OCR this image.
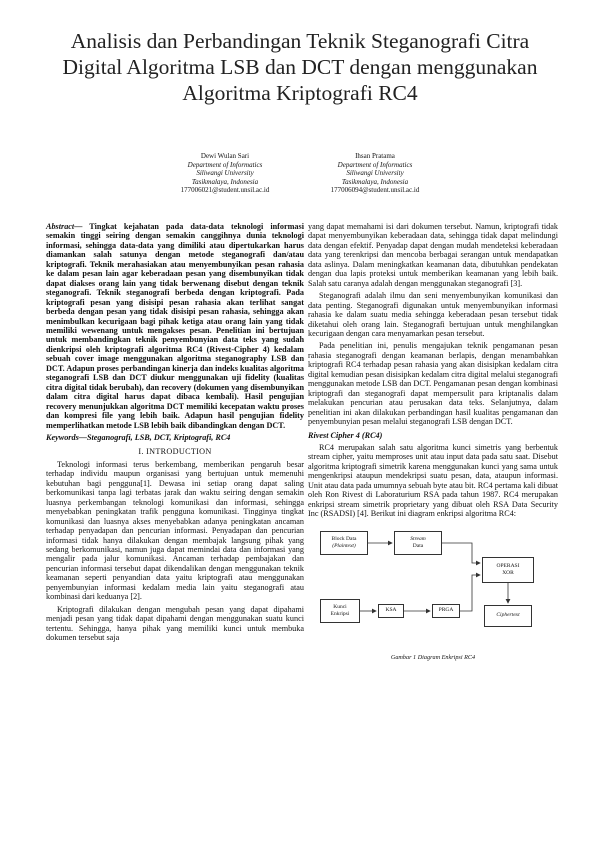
Analisis dan Perbandingan Teknik Steganografi Citra Digital Algoritma LSB dan DCT dengan menggunakan Algoritma Kriptografi RC4
Dewi Wulan Sari
Department of Informatics
Siliwangi University
Tasikmalaya, Indonesia
177006021@student.unsil.ac.id
Ihsan Pratama
Department of Informatics
Siliwangi University
Tasikmalaya, Indonesia
177006094@student.unsil.ac.id
Abstract— Tingkat kejahatan pada data-data teknologi informasi semakin tinggi seiring dengan semakin canggihnya dunia teknologi informasi, sehingga data-data yang dimiliki atau dipertukarkan harus diamankan salah satunya dengan metode steganografi dan/atau kriptografi. Teknik merahasiakan atau menyembunyikan pesan rahasia ke dalam pesan lain agar keberadaan pesan yang disembunyikan tidak dapat diakses orang lain yang tidak berwenang disebut dengan teknik steganografi. Teknik steganografi berbeda dengan kriptografi. Pada kriptografi pesan yang disisipi pesan rahasia akan terlihat sangat berbeda dengan pesan yang tidak disisipi pesan rahasia, sehingga akan menimbulkan kecurigaan bagi pihak ketiga atau orang lain yang tidak memiliki wewenang untuk mengakses pesan. Penelitian ini bertujuan untuk membandingkan teknik penyembunyian data teks yang sudah dienkripsi oleh kriptografi algoritma RC4 (Rivest-Cipher 4) kedalam sebuah cover image menggunakan algoritma steganography LSB dan DCT. Adapun proses perbandingan kinerja dan indeks kualitas algoritma steganografi LSB dan DCT diukur menggunakan uji fidelity (kualitas citra digital tidak berubah), dan recovery (dokumen yang disembunyikan dalam citra digital harus dapat dibaca kembali). Hasil pengujian recovery menunjukkan algoritma DCT memiliki kecepatan waktu proses dan kompresi file yang lebih baik. Adapun hasil pengujian fidelity memperlihatkan metode LSB lebih baik dibandingkan dengan DCT.
Keywords—Steganografi, LSB, DCT, Kriptografi, RC4
I. INTRODUCTION

Teknologi informasi terus berkembang, memberikan pengaruh besar terhadap individu maupun organisasi yang bertujuan untuk memenuhi kebutuhan bagi pengguna[1]. Dewasa ini setiap orang dapat saling berkomunikasi tanpa lagi terbatas jarak dan waktu seiring dengan semakin luasnya perkembangan teknologi komunikasi dan informasi, sehingga menyebabkan peningkatan trafik pengguna komunikasi. Tingginya tingkat komunikasi dan luasnya akses menyebabkan adanya peningkatan ancaman terhadap penyadapan dan pencurian informasi. Penyadapan dan pencurian informasi tidak hanya dilakukan dengan membajak langsung pihak yang sedang berkomunikasi, namun juga dapat memindai data dan informasi yang mengalir pada jalur komunikasi. Ancaman terhadap pembajakan dan pencurian informasi tersebut dapat dikendalikan dengan menggunakan teknik keamanan seperti penyandian data yaitu kriptografi atau menggunakan penyembunyian informasi kedalam media lain yaitu steganografi atau kombinasi dari keduanya [2].

Kriptografi dilakukan dengan mengubah pesan yang dapat dipahami menjadi pesan yang tidak dapat dipahami dengan menggunakan suatu kunci tertentu. Sehingga, hanya pihak yang memiliki kunci untuk membuka dokumen tersebut saja

yang dapat memahami isi dari dokumen tersebut. Namun, kriptografi tidak dapat menyembunyikan keberadaan data, sehingga tidak dapat melindungi data dengan efektif. Penyadap dapat dengan mudah mendeteksi keberadaan data yang terenkripsi dan mencoba berbagai serangan untuk mendapatkan data aslinya. Dalam meningkatkan keamanan data, dibutuhkan pendekatan dengan dua lapis proteksi untuk memberikan keamanan yang lebih baik. Salah satu caranya adalah dengan menggunakan steganografi [3].

Steganografi adalah ilmu dan seni menyembunyikan komunikasi dan data penting. Steganografi digunakan untuk menyembunyikan informasi rahasia ke dalam suatu media sehingga keberadaan pesan tersebut tidak diketahui oleh orang lain. Steganografi bertujuan untuk menghilangkan kecurigaan dengan cara menyamarkan pesan tersebut.

Pada penelitian ini, penulis mengajukan teknik pengamanan pesan rahasia steganografi dengan keamanan berlapis, dengan menambahkan kriptografi RC4 terhadap pesan rahasia yang akan disisipkan kedalam citra digital kemudian pesan disisipkan kedalam citra digital melalui steganografi menggunakan metode LSB dan DCT. Pengamanan pesan dengan kombinasi kriptografi dan steganografi dapat mempersulit para kriptanalis dalam melakukan pencurian atau perusakan data teks. Selanjutnya, dalam penelitian ini akan dilakukan perbandingan hasil kualitas pengamanan dan penyembunyian pesan melalui steganografi LSB dengan DCT.

Rivest Cipher 4 (RC4)

RC4 merupakan salah satu algoritma kunci simetris yang berbentuk stream cipher, yaitu memproses unit atau input data pada satu saat. Disebut algoritma kriptografi simetrik karena menggunakan kunci yang sama untuk mengenkripsi ataupun mendekripsi suatu pesan, data, ataupun informasi. Unit atau data pada umumnya sebuah byte atau bit. RC4 pertama kali dibuat oleh Ron Rivest di Laboraturium RSA pada tahun 1987. RC4 merupakan enkripsi stream simetrik proprietary yang dibuat oleh RSA Data Security Inc (RSADSI) [4]. Berikut ini diagram enkripsi algoritma RC4:

Block Data
(Plaintext)
Stream
Data
OPERASI
XOR
Kunci
Enkripsi
KSA	PRGA
Ciphertext
Gambar 1 Diagram Enkripsi RC4
